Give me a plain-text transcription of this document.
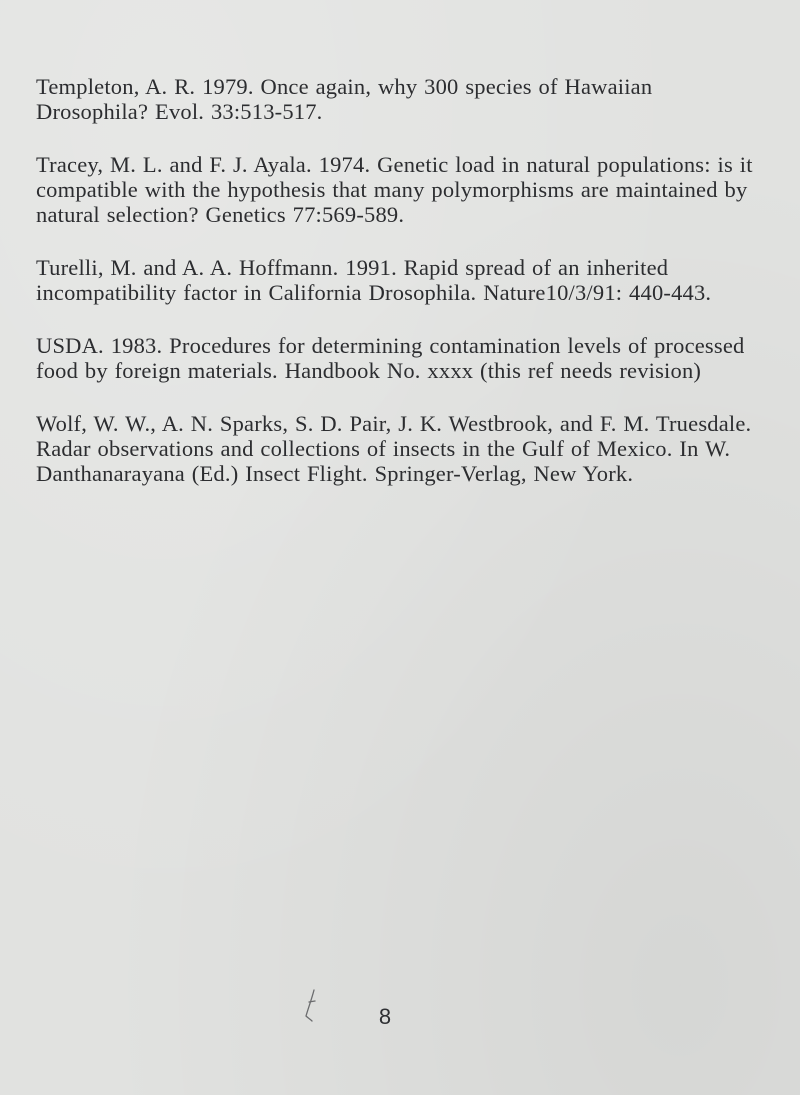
Templeton, A. R. 1979. Once again, why 300 species of Hawaiian Drosophila? Evol. 33:513-517.

Tracey, M. L. and F. J. Ayala. 1974. Genetic load in natural populations: is it compatible with the hypothesis that many polymorphisms are maintained by natural selection? Genetics 77:569-589.

Turelli, M. and A. A. Hoffmann. 1991. Rapid spread of an inherited incompatibility factor in California Drosophila. Nature10/3/91: 440-443.

USDA. 1983. Procedures for determining contamination levels of processed food by foreign materials. Handbook No. xxxx (this ref needs revision)

Wolf, W. W., A. N. Sparks, S. D. Pair, J. K. Westbrook, and F. M. Truesdale. Radar observations and collections of insects in the Gulf of Mexico. In W. Danthanarayana (Ed.) Insect Flight. Springer-Verlag, New York.

8
